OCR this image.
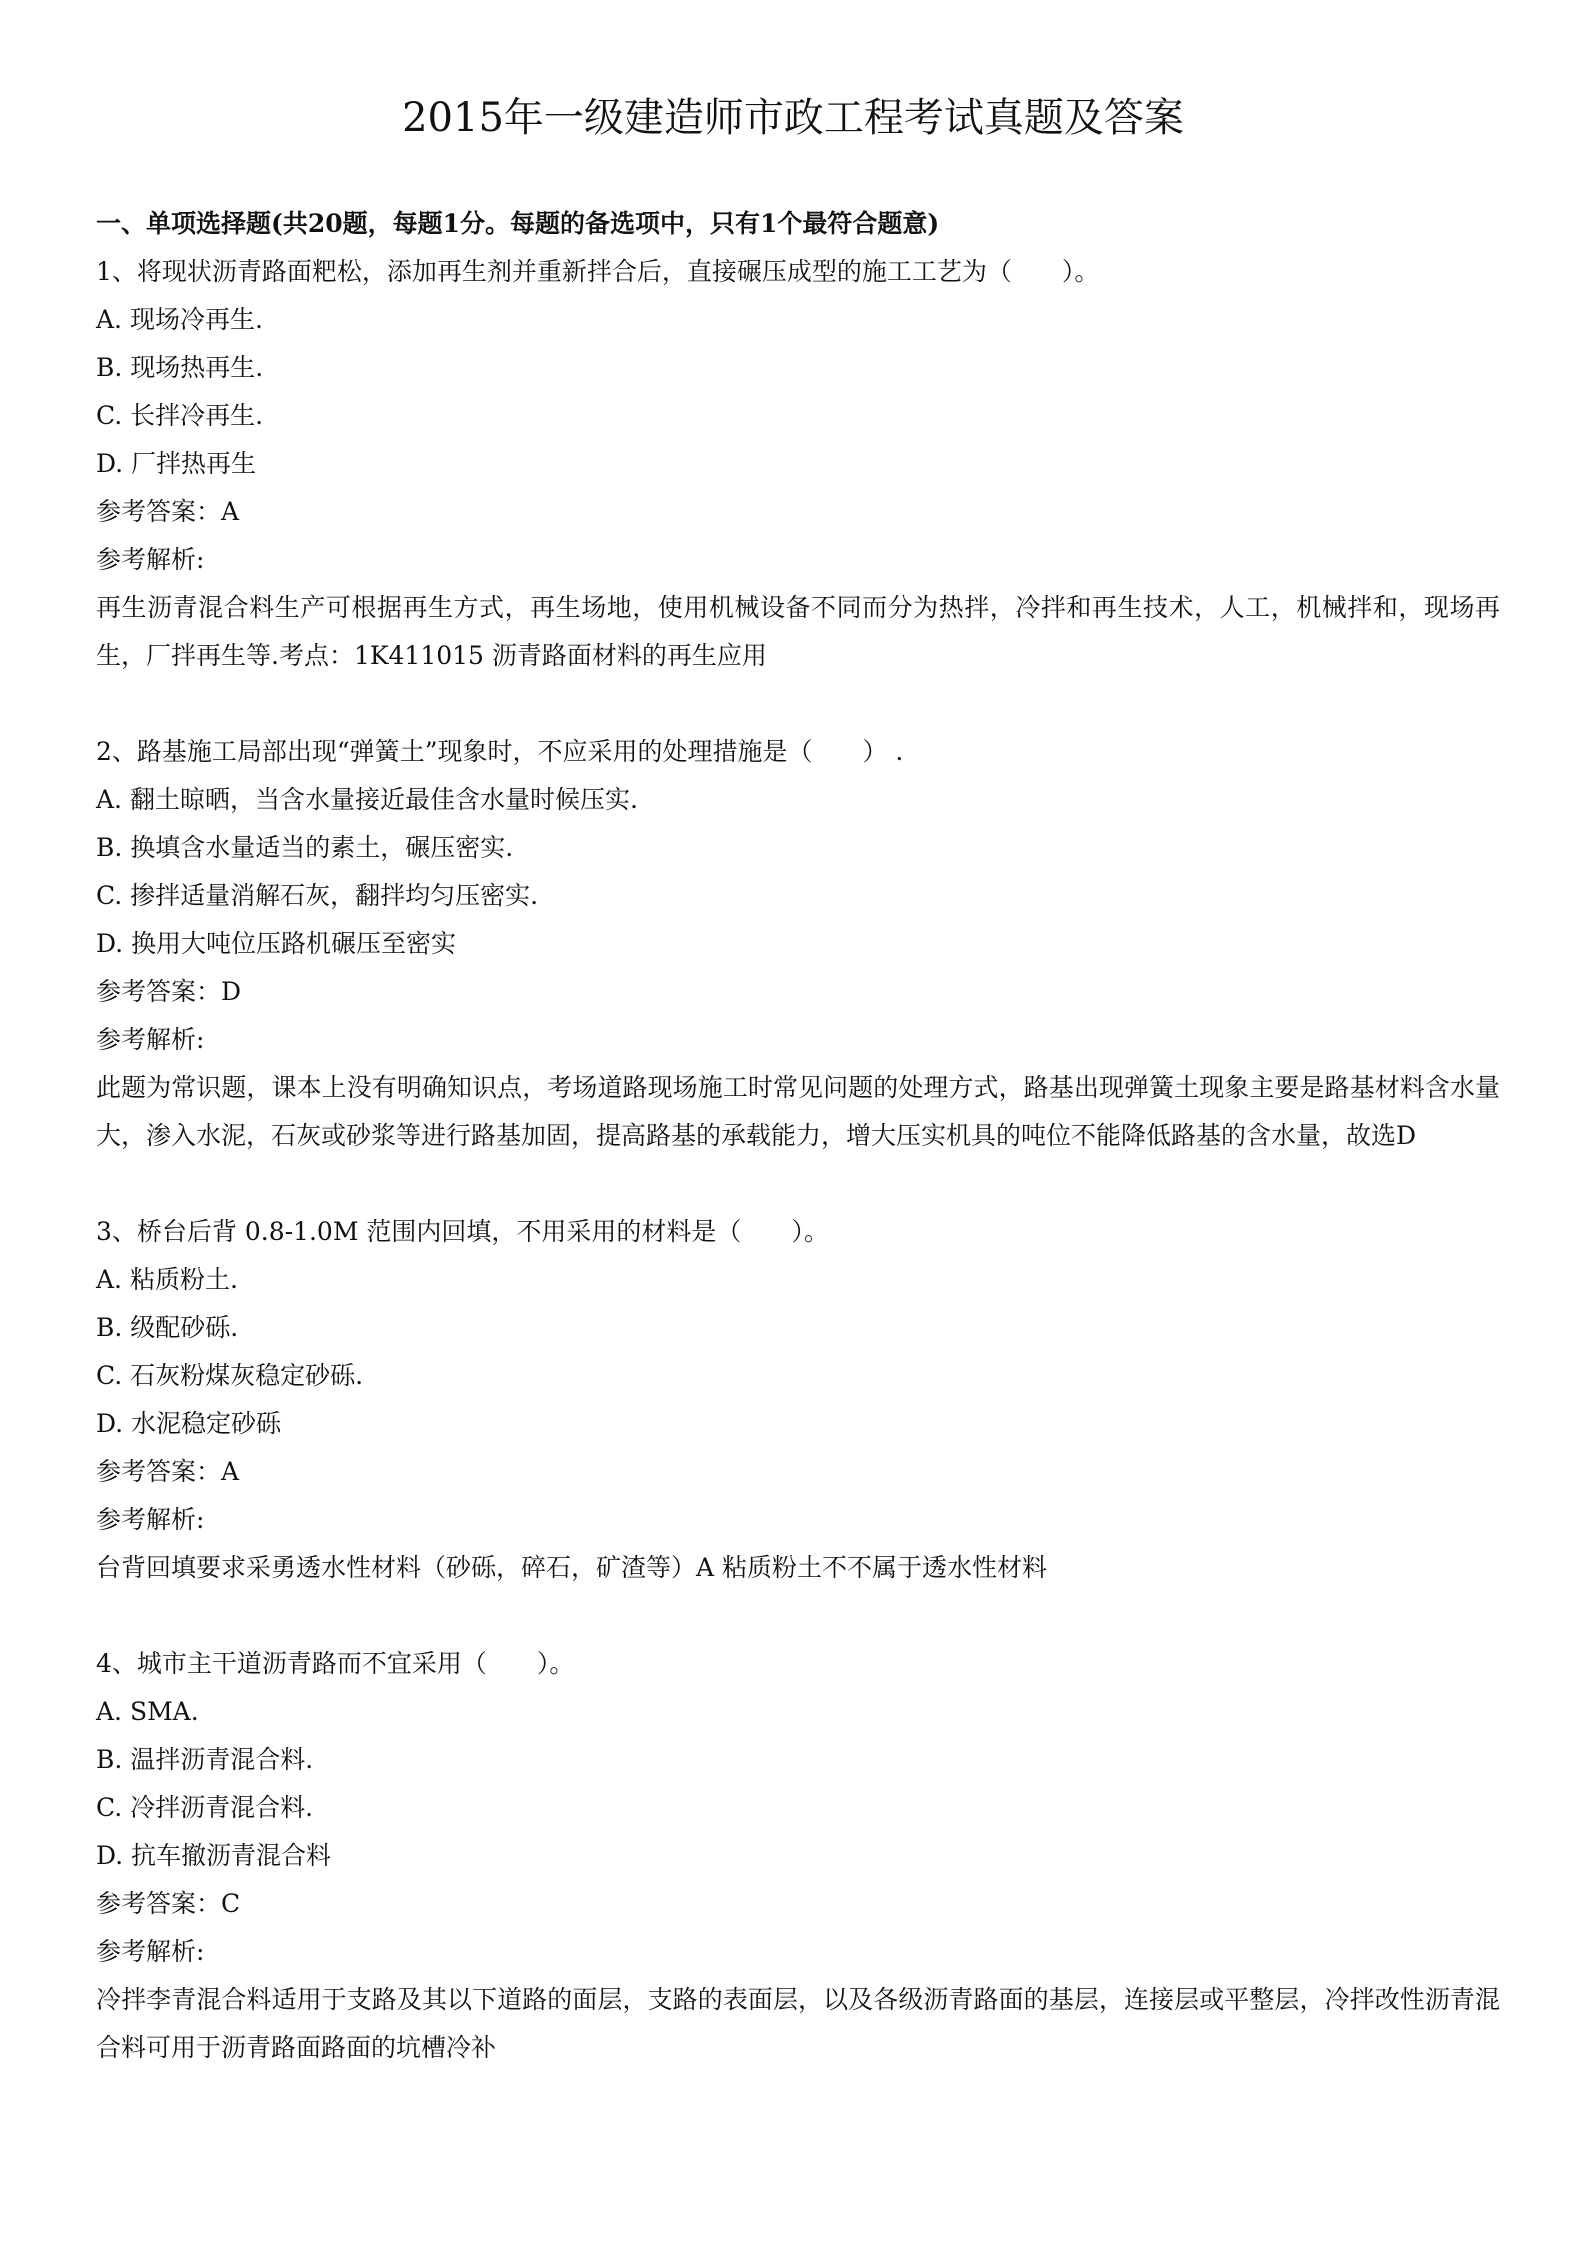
2015年一级建造师市政工程考试真题及答案
一、单项选择题(共20题，每题1分。每题的备选项中，只有1个最符合题意)
1、将现状沥青路面粑松，添加再生剂并重新拌合后，直接碾压成型的施工工艺为（　　）。
A. 现场冷再生.
B. 现场热再生.
C. 长拌冷再生.
D. 厂拌热再生
参考答案：A
参考解析:
再生沥青混合料生产可根据再生方式，再生场地，使用机械设备不同而分为热拌，冷拌和再生技术，人工，机械拌和，现场再生，厂拌再生等.考点：1K411015 沥青路面材料的再生应用
2、路基施工局部出现“弹簧土”现象时，不应采用的处理措施是（　　） .
A. 翻土晾晒，当含水量接近最佳含水量时候压实.
B. 换填含水量适当的素土，碾压密实.
C. 掺拌适量消解石灰，翻拌均匀压密实.
D. 换用大吨位压路机碾压至密实
参考答案：D
参考解析:
此题为常识题，课本上没有明确知识点，考场道路现场施工时常见问题的处理方式，路基出现弹簧土现象主要是路基材料含水量大，渗入水泥，石灰或砂浆等进行路基加固，提高路基的承载能力，增大压实机具的吨位不能降低路基的含水量，故选D
3、桥台后背 0.8-1.0M 范围内回填，不用采用的材料是（　　）。
A. 粘质粉土.
B. 级配砂砾.
C. 石灰粉煤灰稳定砂砾.
D. 水泥稳定砂砾
参考答案：A
参考解析:
台背回填要求采勇透水性材料（砂砾，碎石，矿渣等）A 粘质粉土不不属于透水性材料
4、城市主干道沥青路而不宜采用（　　）。
A. SMA.
B. 温拌沥青混合料.
C. 冷拌沥青混合料.
D. 抗车撤沥青混合料
参考答案：C
参考解析:
冷拌李青混合料适用于支路及其以下道路的面层，支路的表面层，以及各级沥青路面的基层，连接层或平整层，冷拌改性沥青混合料可用于沥青路面路面的坑槽冷补
